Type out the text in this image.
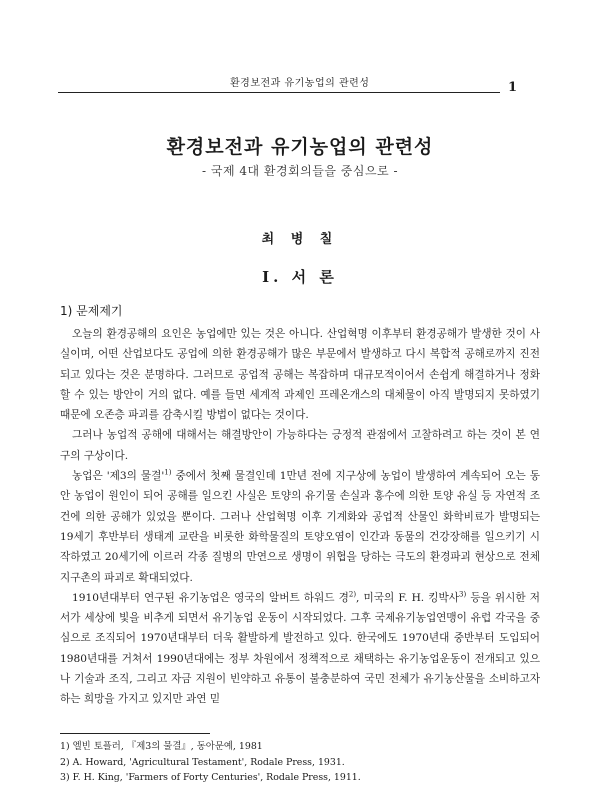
환경보전과 유기농업의 관련성	1
환경보전과 유기농업의 관련성
- 국제 4대 환경회의들을 중심으로 -
최 병 칠
Ⅰ. 서 론
1) 문제제기

오늘의 환경공해의 요인은 농업에만 있는 것은 아니다. 산업혁명 이후부터 환경공해가 발생한 것이 사실이며, 어떤 산업보다도 공업에 의한 환경공해가 많은 부문에서 발생하고 다시 복합적 공해로까지 진전되고 있다는 것은 분명하다. 그러므로 공업적 공해는 복잡하며 대규모적이어서 손쉽게 해결하거나 정화할 수 있는 방안이 거의 없다. 예를 들면 세계적 과제인 프레온개스의 대체물이 아직 발명되지 못하였기 때문에 오존층 파괴를 감축시킬 방법이 없다는 것이다.

그러나 농업적 공해에 대해서는 해결방안이 가능하다는 긍정적 관점에서 고찰하려고 하는 것이 본 연구의 구상이다.

농업은 '제3의 물결'$^{1)}$ 중에서 첫째 물결인데 1만년 전에 지구상에 농업이 발생하여 계속되어 오는 동안 농업이 원인이 되어 공해를 일으킨 사실은 토양의 유기물 손실과 홍수에 의한 토양 유실 등 자연적 조건에 의한 공해가 있었을 뿐이다. 그러나 산업혁명 이후 기계화와 공업적 산물인 화학비료가 발명되는 19세기 후반부터 생태계 교란을 비롯한 화학물질의 토양오염이 인간과 동물의 건강장해를 일으키기 시작하였고 20세기에 이르러 각종 질병의 만연으로 생명이 위협을 당하는 극도의 환경파괴 현상으로 전체 지구촌의 파괴로 확대되었다.

1910년대부터 연구된 유기농업은 영국의 알버트 하워드 경$^{2)}$, 미국의 F. H. 킹박사$^{3)}$ 등을 위시한 저서가 세상에 빛을 비추게 되면서 유기농업 운동이 시작되었다. 그후 국제유기농업연맹이 유럽 각국을 중심으로 조직되어 1970년대부터 더욱 활발하게 발전하고 있다. 한국에도 1970년대 중반부터 도입되어 1980년대를 거쳐서 1990년대에는 정부 차원에서 정책적으로 채택하는 유기농업운동이 전개되고 있으나 기술과 조직, 그리고 자금 지원이 빈약하고 유통이 불충분하여 국민 전체가 유기농산물을 소비하고자 하는 희망을 가지고 있지만 과연 믿

1) 엘빈 토플러, 『제3의 물결』, 동아문예, 1981
2) A. Howard, 'Agricultural Testament', Rodale Press, 1931.
3) F. H. King, 'Farmers of Forty Centuries', Rodale Press, 1911.
